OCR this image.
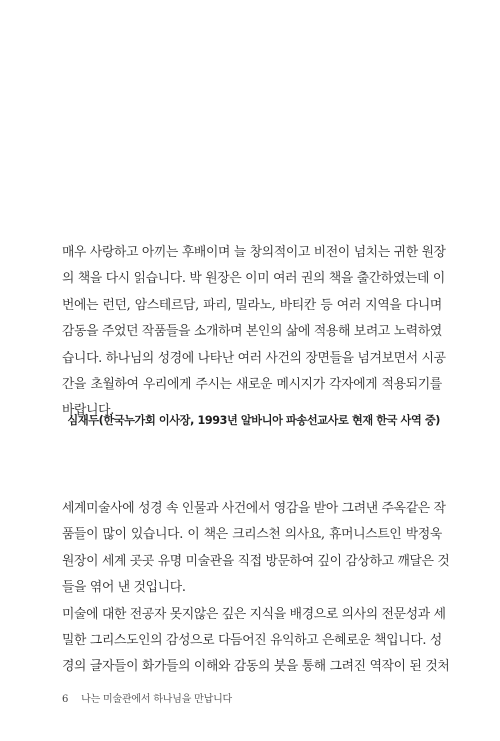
매우 사랑하고 아끼는 후배이며 늘 창의적이고 비전이 넘치는 귀한 원장
의 책을 다시 읽습니다. 박 원장은 이미 여러 권의 책을 출간하였는데 이
번에는 런던, 암스테르담, 파리, 밀라노, 바티칸 등 여러 지역을 다니며
감동을 주었던 작품들을 소개하며 본인의 삶에 적용해 보려고 노력하였
습니다. 하나님의 성경에 나타난 여러 사건의 장면들을 넘겨보면서 시공
간을 초월하여 우리에게 주시는 새로운 메시지가 각자에게 적용되기를
바랍니다.
심재두(한국누가회 이사장, 1993년 알바니아 파송선교사로 현재 한국 사역 중)
세계미술사에 성경 속 인물과 사건에서 영감을 받아 그려낸 주옥같은 작
품들이 많이 있습니다. 이 책은 크리스천 의사요, 휴머니스트인 박정욱
원장이 세계 곳곳 유명 미술관을 직접 방문하여 깊이 감상하고 깨달은 것
들을 엮어 낸 것입니다.
미술에 대한 전공자 못지않은 깊은 지식을 배경으로 의사의 전문성과 세
밀한 그리스도인의 감성으로 다듬어진 유익하고 은혜로운 책입니다. 성
경의 글자들이 화가들의 이해와 감동의 붓을 통해 그려진 역작이 된 것처
6 나는 미술관에서 하나님을 만납니다
